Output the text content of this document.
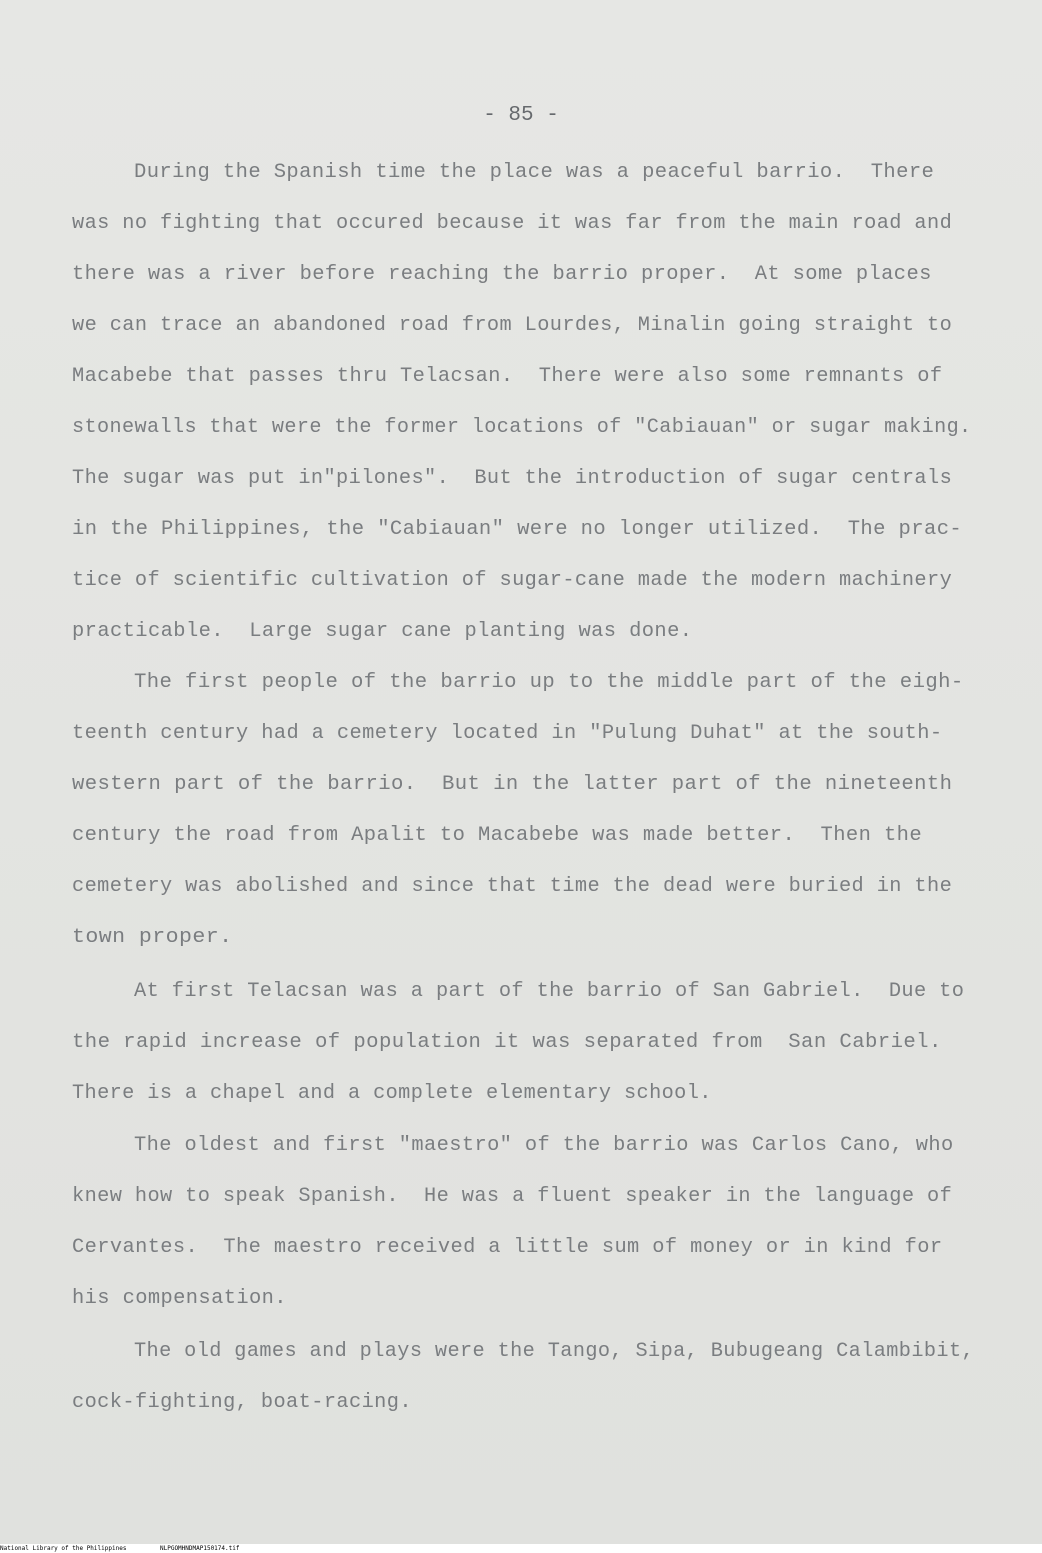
- 85 -
During the Spanish time the place was a peaceful barrio.  There
was no fighting that occured because it was far from the main road and
there was a river before reaching the barrio proper.  At some places
we can trace an abandoned road from Lourdes, Minalin going straight to
Macabebe that passes thru Telacsan.  There were also some remnants of
stonewalls that were the former locations of "Cabiauan" or sugar making.
The sugar was put in"pilones".  But the introduction of sugar centrals
in the Philippines, the "Cabiauan" were no longer utilized.  The prac-
tice of scientific cultivation of sugar-cane made the modern machinery
practicable.  Large sugar cane planting was done.
The first people of the barrio up to the middle part of the eigh-
teenth century had a cemetery located in "Pulung Duhat" at the south-
western part of the barrio.  But in the latter part of the nineteenth
century the road from Apalit to Macabebe was made better.  Then the
cemetery was abolished and since that time the dead were buried in the
town proper.
At first Telacsan was a part of the barrio of San Gabriel.  Due to
the rapid increase of population it was separated from  San Cabriel.
There is a chapel and a complete elementary school.
The oldest and first "maestro" of the barrio was Carlos Cano, who
knew how to speak Spanish.  He was a fluent speaker in the language of
Cervantes.  The maestro received a little sum of money or in kind for
his compensation.
The old games and plays were the Tango, Sipa, Bubugeang Calambibit,
cock-fighting, boat-racing.
National Library of the Philippines	NLPGOMHNDMAP150174.tif
